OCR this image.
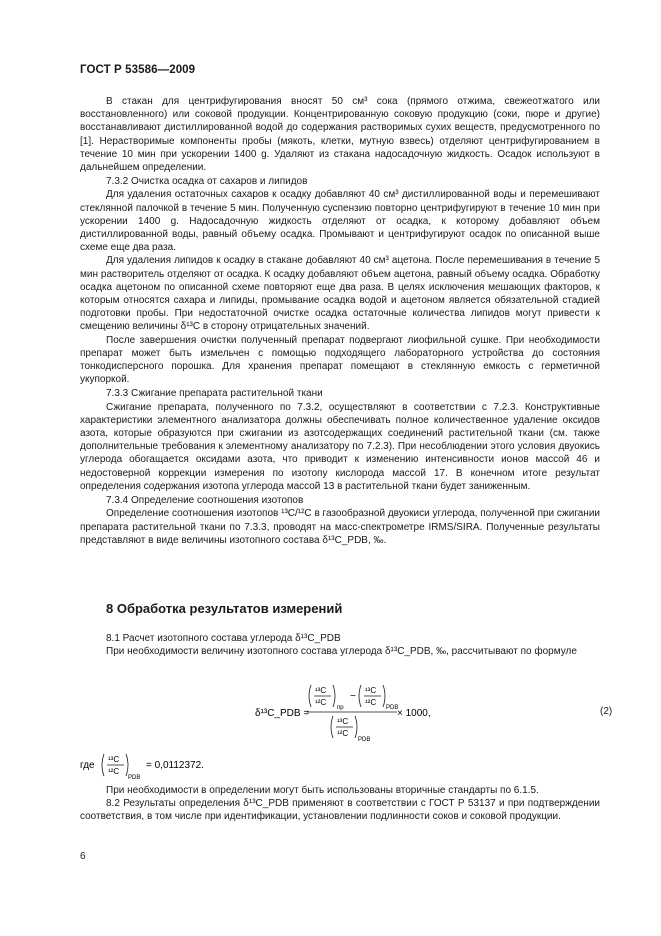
ГОСТ Р 53586—2009

В стакан для центрифугирования вносят 50 см³ сока (прямого отжима, свежеотжатого или восстановленного) или соковой продукции. Концентрированную соковую продукцию (соки, пюре и другие) восстанавливают дистиллированной водой до содержания растворимых сухих веществ, предусмотренного по [1]. Нерастворимые компоненты пробы (мякоть, клетки, мутную взвесь) отделяют центрифугированием в течение 10 мин при ускорении 1400 g. Удаляют из стакана надосадочную жидкость. Осадок используют в дальнейшем определении.

7.3.2 Очистка осадка от сахаров и липидов

Для удаления остаточных сахаров к осадку добавляют 40 см³ дистиллированной воды и перемешивают стеклянной палочкой в течение 5 мин. Полученную суспензию повторно центрифугируют в течение 10 мин при ускорении 1400 g. Надосадочную жидкость отделяют от осадка, к которому добавляют объем дистиллированной воды, равный объему осадка. Промывают и центрифугируют осадок по описанной выше схеме еще два раза.

Для удаления липидов к осадку в стакане добавляют 40 см³ ацетона. После перемешивания в течение 5 мин растворитель отделяют от осадка. К осадку добавляют объем ацетона, равный объему осадка. Обработку осадка ацетоном по описанной схеме повторяют еще два раза. В целях исключения мешающих факторов, к которым относятся сахара и липиды, промывание осадка водой и ацетоном является обязательной стадией подготовки пробы. При недостаточной очистке осадка остаточные количества липидов могут привести к смещению величины δ¹³C в сторону отрицательных значений.

После завершения очистки полученный препарат подвергают лиофильной сушке. При необходимости препарат может быть измельчен с помощью подходящего лабораторного устройства до состояния тонкодисперсного порошка. Для хранения препарат помещают в стеклянную емкость с герметичной укупоркой.

7.3.3 Сжигание препарата растительной ткани

Сжигание препарата, полученного по 7.3.2, осуществляют в соответствии с 7.2.3. Конструктивные характеристики элементного анализатора должны обеспечивать полное количественное удаление оксидов азота, которые образуются при сжигании из азотсодержащих соединений растительной ткани (см. также дополнительные требования к элементному анализатору по 7.2.3). При несоблюдении этого условия двуокись углерода обогащается оксидами азота, что приводит к изменению интенсивности ионов массой 46 и недостоверной коррекции измерения по изотопу кислорода массой 17. В конечном итоге результат определения содержания изотопа углерода массой 13 в растительной ткани будет заниженным.

7.3.4 Определение соотношения изотопов

Определение соотношения изотопов ¹³C/¹²C в газообразной двуокиси углерода, полученной при сжигании препарата растительной ткани по 7.3.3, проводят на масс-спектрометре IRMS/SIRA. Полученные результаты представляют в виде величины изотопного состава δ¹³C_PDB, ‰.

8 Обработка результатов измерений

8.1 Расчет изотопного состава углерода δ¹³C_PDB

При необходимости величину изотопного состава углерода δ¹³C_PDB, ‰, рассчитывают по формуле

δ¹³C_PDB =
¹³C
¹²C
пр
−
¹³C
¹²C
PDB
¹³C
¹²C
PDB
× 1000,	(2)
где
¹³C
¹²C
PDB
= 0,0112372.

При необходимости в определении могут быть использованы вторичные стандарты по 6.1.5.

8.2 Результаты определения δ¹³C_PDB применяют в соответствии с ГОСТ Р 53137 и при подтверждении соответствия, в том числе при идентификации, установлении подлинности соков и соковой продукции.

6
